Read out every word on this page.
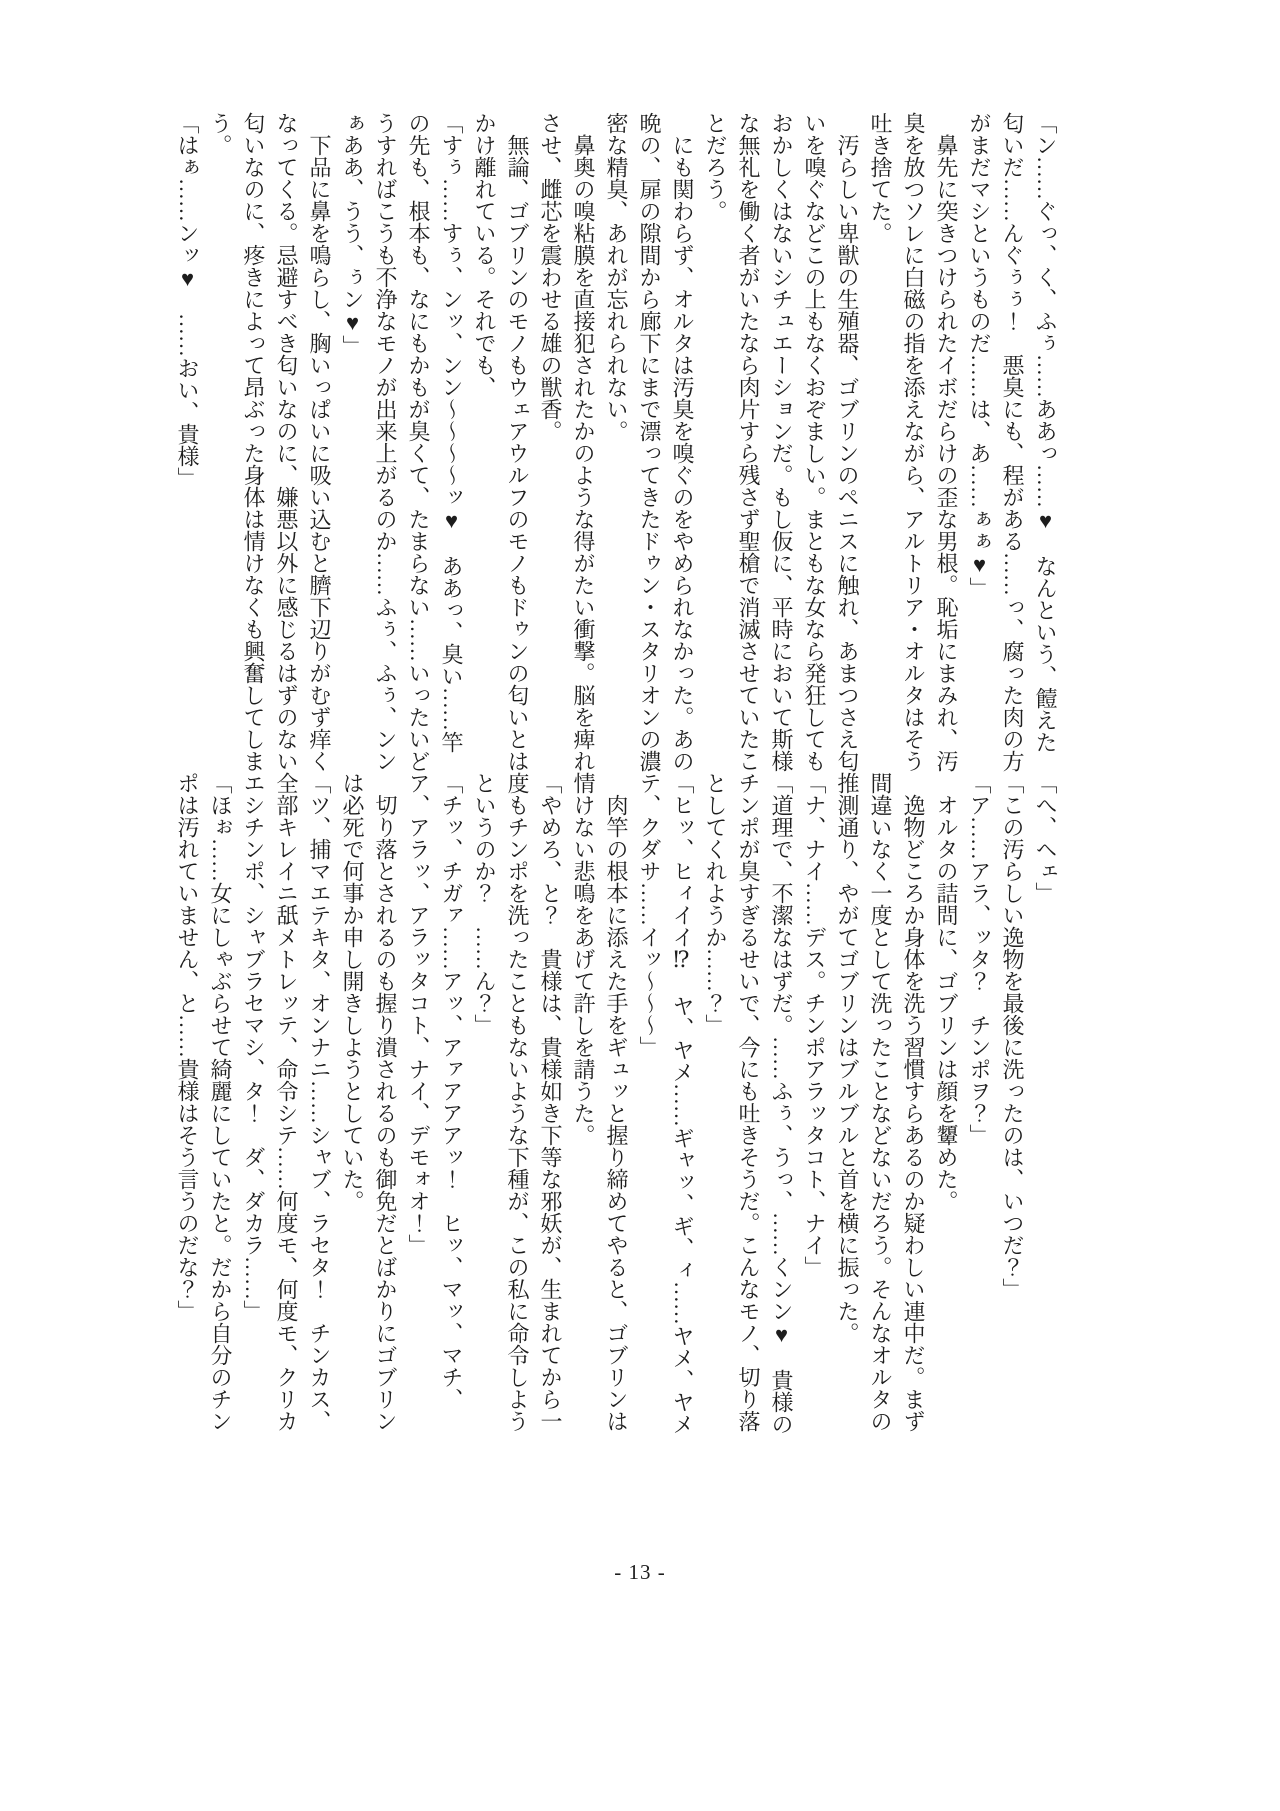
「ン……ぐっ、く、ふぅ……ああっ……♥　なんという、饐えた匂いだ……んぐぅぅ！　悪臭にも、程がある……っ、腐った肉の方がまだマシというものだ……は、あ……ぁぁ♥」

鼻先に突きつけられたイボだらけの歪な男根。恥垢にまみれ、汚臭を放つソレに白磁の指を添えながら、アルトリア・オルタはそう吐き捨てた。

汚らしい卑獣の生殖器、ゴブリンのペニスに触れ、あまつさえ匂いを嗅ぐなどこの上もなくおぞましい。まともな女なら発狂してもおかしくはないシチュエーションだ。もし仮に、平時において斯様な無礼を働く者がいたなら肉片すら残さず聖槍で消滅させていたことだろう。

にも関わらず、オルタは汚臭を嗅ぐのをやめられなかった。あの晩の、扉の隙間から廊下にまで漂ってきたドゥン・スタリオンの濃密な精臭、あれが忘れられない。

鼻奥の嗅粘膜を直接犯されたかのような得がたい衝撃。脳を痺れさせ、雌芯を震わせる雄の獣香。

無論、ゴブリンのモノもウェアウルフのモノもドゥンの匂いとはかけ離れている。それでも、

「すぅ……すぅ、ンッ、ンン〜〜〜〜ッ♥　ああっ、臭い……竿の先も、根本も、なにもかもが臭くて、たまらない……いったいどうすればこうも不浄なモノが出来上がるのか……ふぅ、ふぅ、ンンぁああ、うう、ぅン♥」

下品に鼻を鳴らし、胸いっぱいに吸い込むと臍下辺りがむず痒くなってくる。忌避すべき匂いなのに、嫌悪以外に感じるはずのない匂いなのに、疼きによって昂ぶった身体は情けなくも興奮してしまう。

「はぁ……ンッ♥　……おい、貴様」

「へ、ヘェ」

「この汚らしい逸物を最後に洗ったのは、いつだ？」

「ア……アラ、ッタ？　チンポヲ？」

オルタの詰問に、ゴブリンは顔を顰めた。

逸物どころか身体を洗う習慣すらあるのか疑わしい連中だ。まず間違いなく一度として洗ったことなどないだろう。そんなオルタの推測通り、やがてゴブリンはブルブルと首を横に振った。

「ナ、ナイ……デス。チンポアラッタコト、ナイ」

「道理で、不潔なはずだ。……ふぅ、うっ、……くンン♥　貴様のチンポが臭すぎるせいで、今にも吐きそうだ。こんなモノ、切り落としてくれようか……？」

「ヒッ、ヒィイイ⁉　ヤ、ヤメ……ギャッ、ギ、ィ……ヤメ、ヤメテ、クダサ……イッ〜〜〜」

肉竿の根本に添えた手をギュッと握り締めてやると、ゴブリンは情けない悲鳴をあげて許しを請うた。

「やめろ、と？　貴様は、貴様如き下等な邪妖が、生まれてから一度もチンポを洗ったこともないような下種が、この私に命令しようというのか？　……ん？」

「チッ、チガァ……アッ、アァアアアッ！　ヒッ、マッ、マチ、ア、アラッ、アラッタコト、ナイ、デモォオ！」

切り落とされるのも握り潰されるのも御免だとばかりにゴブリンは必死で何事か申し開きしようとしていた。

「ツ、捕マエテキタ、オンナニ……シャブ、ラセタ！　チンカス、全部キレイニ舐メトレッテ、命令シテ……何度モ、何度モ、クリカエシチンポ、シャブラセマシ、タ！　ダ、ダカラ……」

「ほぉ……女にしゃぶらせて綺麗にしていたと。だから自分のチンポは汚れていません、と……貴様はそう言うのだな？」

- 13 -
